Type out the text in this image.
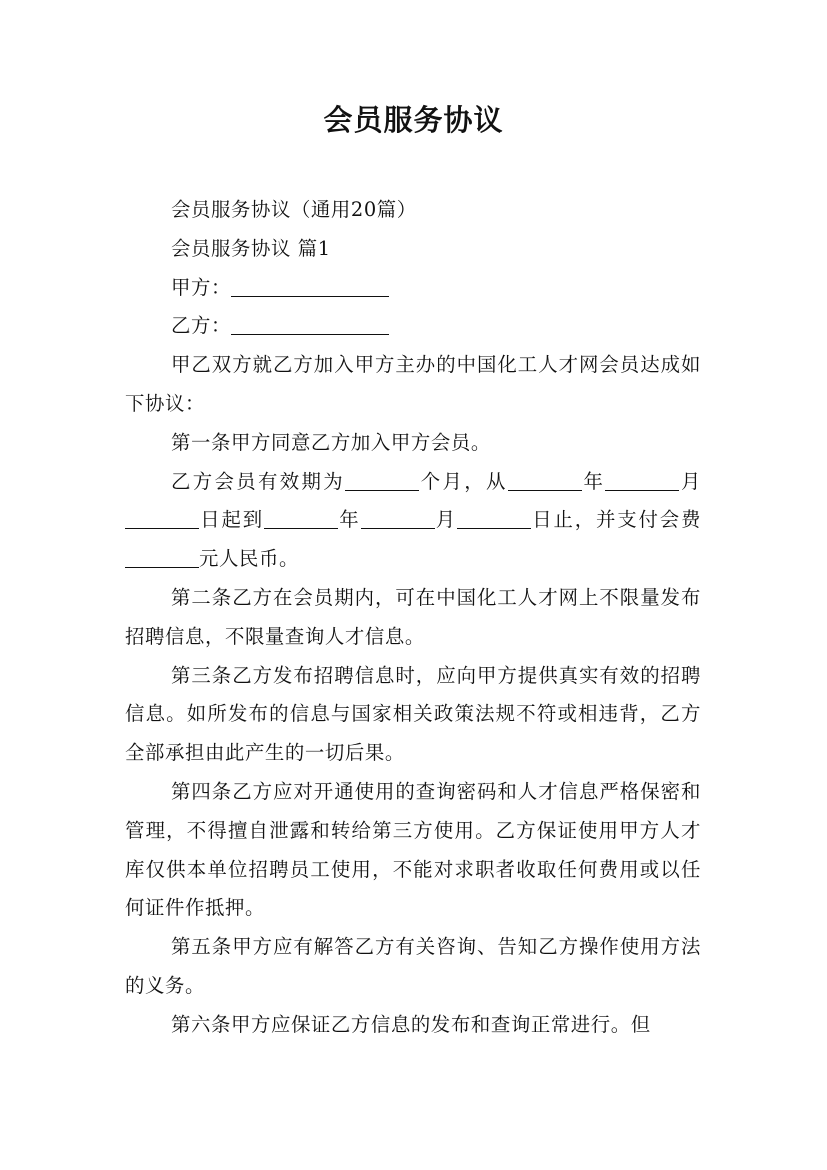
会员服务协议

会员服务协议（通用20篇）

会员服务协议 篇1

甲方：

乙方：

甲乙双方就乙方加入甲方主办的中国化工人才网会员达成如下协议：

第一条甲方同意乙方加入甲方会员。

乙方会员有效期为	个月，从	年	月日起到	年	月	日止，并支付会费元人民币。

第二条乙方在会员期内，可在中国化工人才网上不限量发布招聘信息，不限量查询人才信息。

第三条乙方发布招聘信息时，应向甲方提供真实有效的招聘信息。如所发布的信息与国家相关政策法规不符或相违背，乙方全部承担由此产生的一切后果。

第四条乙方应对开通使用的查询密码和人才信息严格保密和管理，不得擅自泄露和转给第三方使用。乙方保证使用甲方人才库仅供本单位招聘员工使用，不能对求职者收取任何费用或以任何证件作抵押。

第五条甲方应有解答乙方有关咨询、告知乙方操作使用方法的义务。

第六条甲方应保证乙方信息的发布和查询正常进行。但
